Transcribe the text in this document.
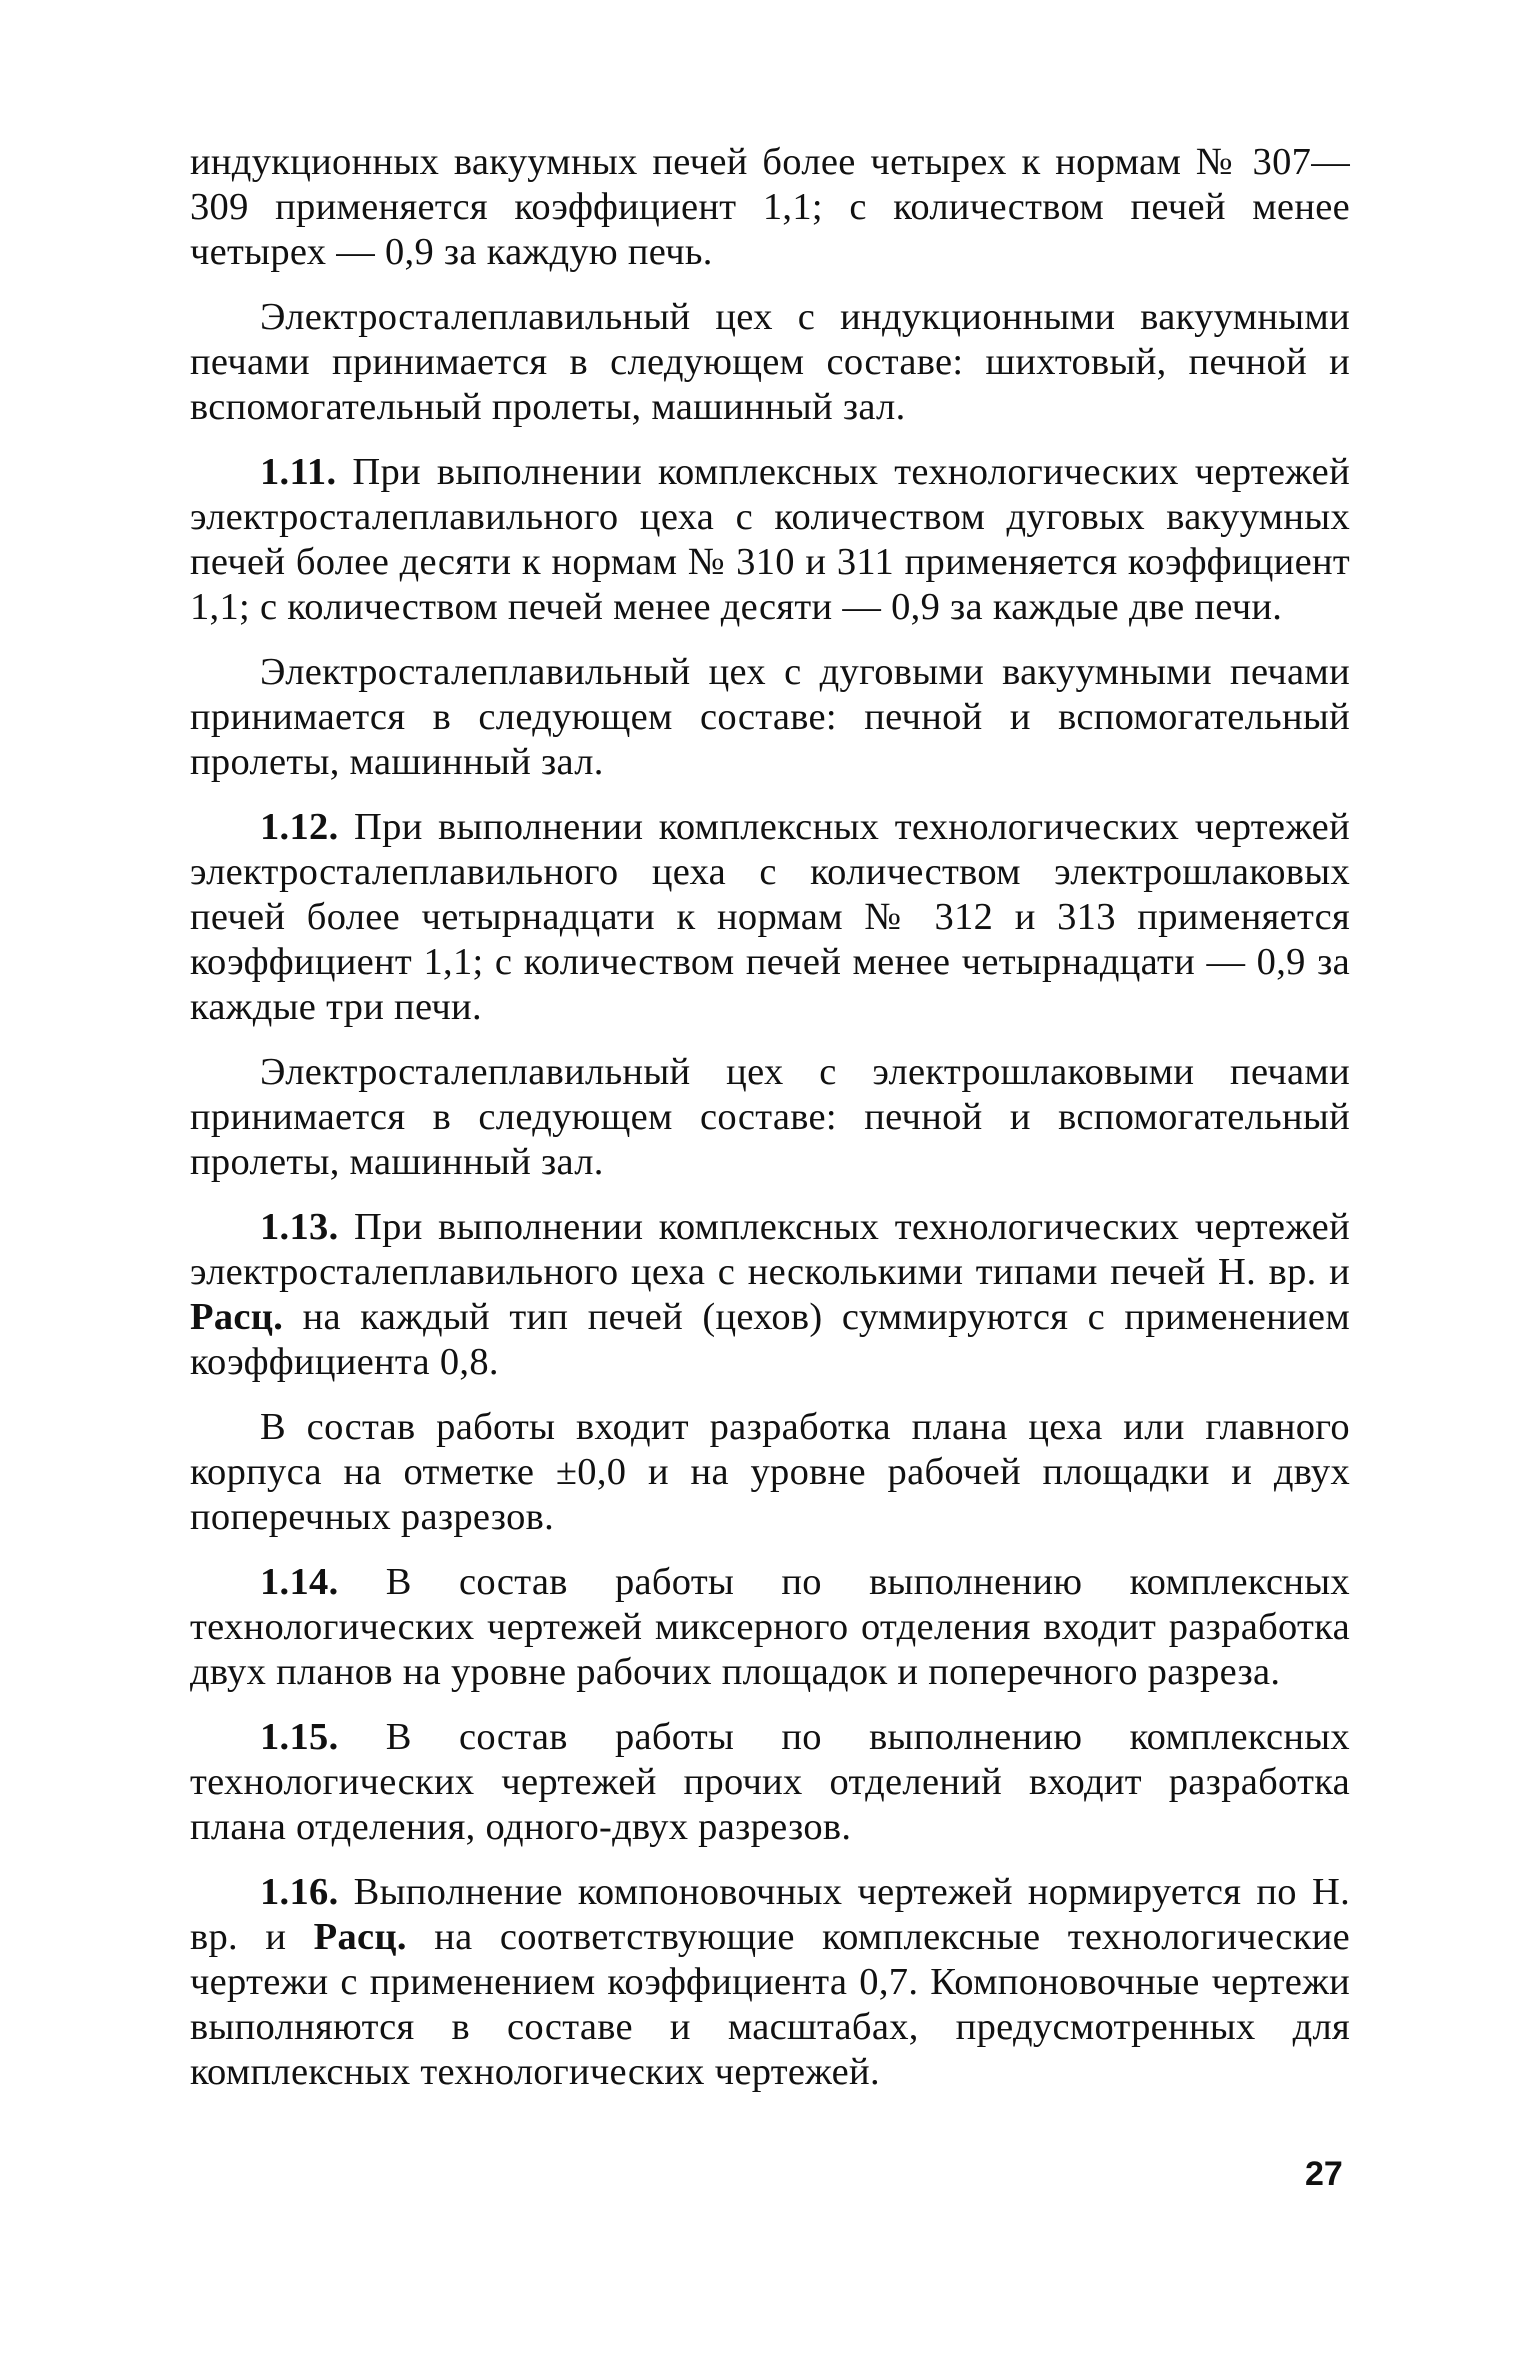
индукционных вакуумных печей более четырех к нормам № 307—309 применяется коэффициент 1,1; с количеством печей менее четырех — 0,9 за каждую печь.

Электросталеплавильный цех с индукционными вакуумными печами принимается в следующем составе: шихтовый, печной и вспомогательный пролеты, машинный зал.

1.11. При выполнении комплексных технологических чертежей электросталеплавильного цеха с количеством дуговых вакуумных печей более десяти к нормам № 310 и 311 применяется коэффициент 1,1; с количеством печей менее десяти — 0,9 за каждые две печи.

Электросталеплавильный цех с дуговыми вакуумными печами принимается в следующем составе: печной и вспомогательный пролеты, машинный зал.

1.12. При выполнении комплексных технологических чертежей электросталеплавильного цеха с количеством электрошлаковых печей более четырнадцати к нормам № 312 и 313 применяется коэффициент 1,1; с количеством печей менее четырнадцати — 0,9 за каждые три печи.

Электросталеплавильный цех с электрошлаковыми печами принимается в следующем составе: печной и вспомогательный пролеты, машинный зал.

1.13. При выполнении комплексных технологических чертежей электросталеплавильного цеха с несколькими типами печей Н. вр. и Расц. на каждый тип печей (цехов) суммируются с применением коэффициента 0,8.

В состав работы входит разработка плана цеха или главного корпуса на отметке ±0,0 и на уровне рабочей площадки и двух поперечных разрезов.

1.14. В состав работы по выполнению комплексных технологических чертежей миксерного отделения входит разработка двух планов на уровне рабочих площадок и поперечного разреза.

1.15. В состав работы по выполнению комплексных технологических чертежей прочих отделений входит разработка плана отделения, одного-двух разрезов.

1.16. Выполнение компоновочных чертежей нормируется по Н. вр. и Расц. на соответствующие комплексные технологические чертежи с применением коэффициента 0,7. Компоновочные чертежи выполняются в составе и масштабах, предусмотренных для комплексных технологических чертежей.

27
